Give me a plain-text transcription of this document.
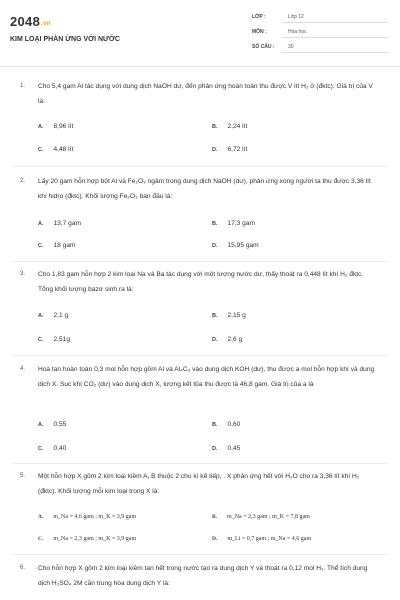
2048.vn
KIM LOẠI PHẢN ỨNG VỚI NƯỚC
LỚP :	Lớp 12
MÔN :	Hóa học
SỐ CÂU :	30
1. Cho 5,4 gam Al tác dụng với dung dịch NaOH dư, đến phản ứng hoàn toàn thu được V lít H₂ ở (đktc). Giá trị của V là:
A. 8,96 lít	B. 2,24 lít
C. 4,48 lít	D. 6,72 lít
2. Lấy 20 gam hỗn hợp bột Al và Fe₂O₃ ngâm trong dung dịch NaOH (dư), phản ứng xong người ta thu được 3,36 lít khí hidro (đktc). Khối lượng Fe₂O₃ ban đầu là:
A. 13,7 gam	B. 17,3 gam
C. 18 gam	D. 15,95 gam
3. Cho 1,83 gam hỗn hợp 2 kim loại Na và Ba tác dụng với một lượng nước dư, thấy thoát ra 0,448 lít khí H₂ đktc. Tổng khối lượng bazơ sinh ra là:
A. 2,1 g	B. 2,15 g
C. 2,51g	D. 2,6 g
4. Hoà tan hoàn toàn 0,3 mol hỗn hợp gồm Al và Al₄C₃ vào dung dịch KOH (dư), thu được a mol hỗn hợp khí và dung dịch X. Sục khí CO₂ (dư) vào dung dịch X, lượng kết tủa thu được là 46,8 gam. Giá trị của a là
A. 0,55	B. 0,60
C. 0,40	D. 0,45
5. Một hỗn hợp X gồm 2 kim loại kiềm A, B thuộc 2 chu kì kế tiếp, . X phản ứng hết với H₂O cho ra 3,36 lít khí H₂ (đktc). Khối lượng mỗi kim loại trong X là:
A. m_Na = 4,6 gam ; m_K = 3,9 gam	B. m_Na = 2,3 gam ; m_K = 7,8 gam
C. m_Na = 2,3 gam ; m_K = 3,9 gam	D. m_Li = 0,7 gam ; m_Na = 4,6 gam
6. Cho hỗn hợp X gồm 2 kim loại kiềm tan hết trong nước tạo ra dung dịch Y và thoát ra 0,12 mol H₂. Thể tích dung dịch H₂SO₄ 2M cần trung hòa dung dịch Y là:
